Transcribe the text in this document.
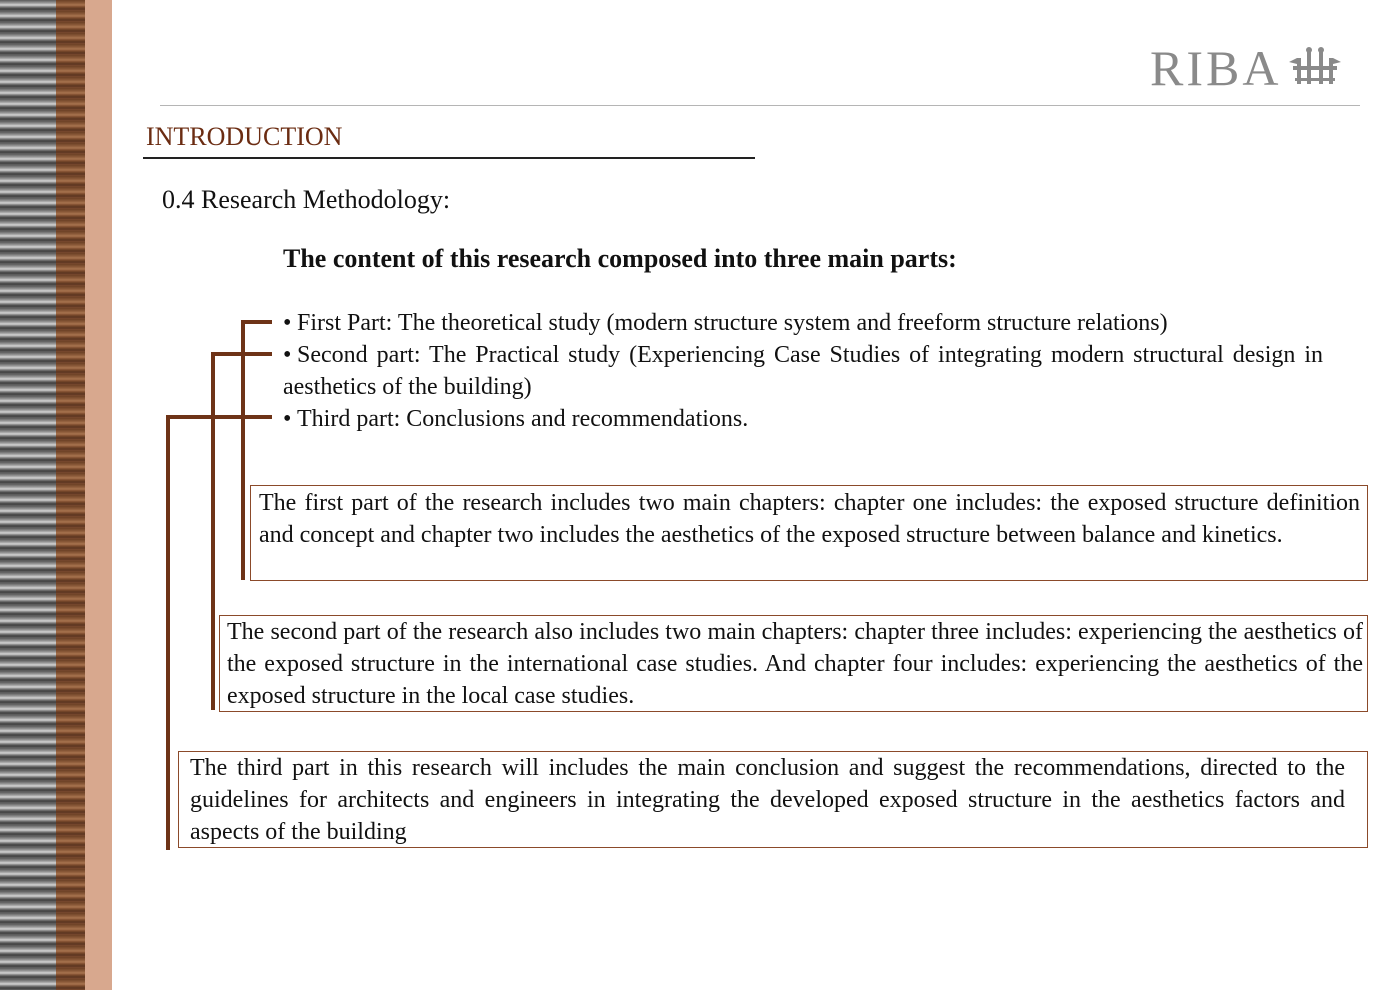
RIBA
INTRODUCTION
0.4 Research Methodology:
The content of this research composed into three main parts:
• First Part: The theoretical study (modern structure system and freeform structure relations)
• Second part: The Practical study (Experiencing Case Studies of integrating modern structural design in aesthetics of the building)
• Third part: Conclusions and recommendations.
The first part of the research includes two main chapters: chapter one includes: the exposed structure definition and concept and chapter two includes the aesthetics of the exposed structure between balance and kinetics.
The second part of the research also includes two main chapters: chapter three includes: experiencing the aesthetics of the exposed structure in the international case studies. And chapter four includes: experiencing the aesthetics of the exposed structure in the local case studies.
The third part in this research will includes the main conclusion and suggest the recommendations, directed to the guidelines for architects and engineers in integrating the developed exposed structure in the aesthetics factors and aspects of the building
